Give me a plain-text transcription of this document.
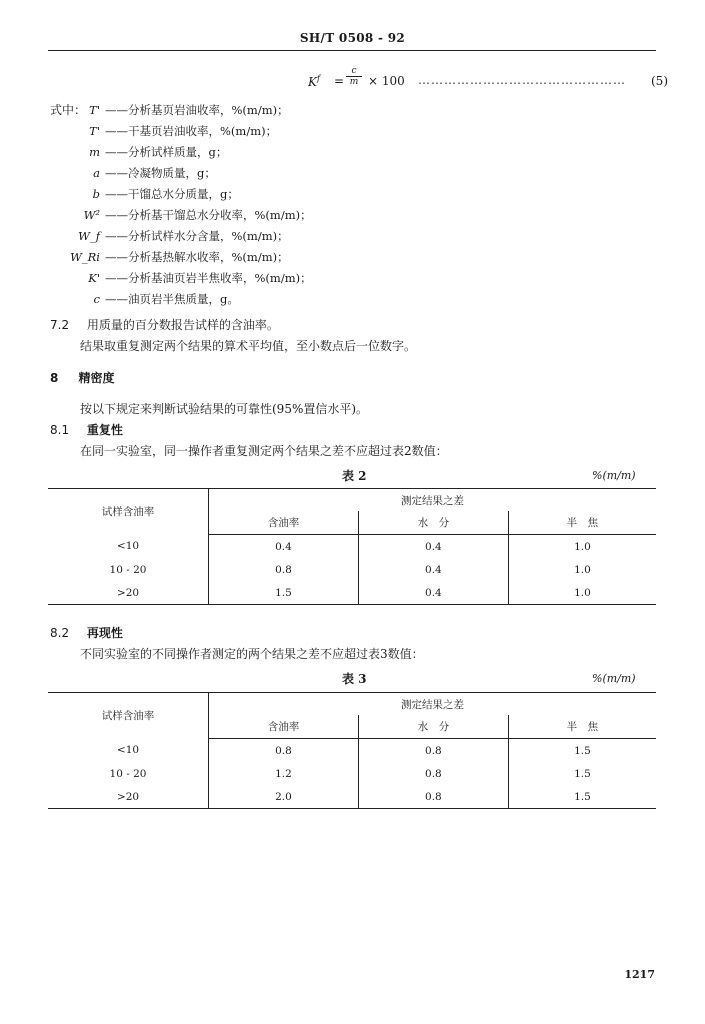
SH/T 0508 - 92
$K^f = \frac{c}{m} \times 100$ ………………………………………… (5)
式中： T' ——分析基页岩油收率，%(m/m)；
T' ——干基页岩油收率，%(m/m)；
m ——分析试样质量，g；
a ——冷凝物质量，g；
b ——干馏总水分质量，g；
W² ——分析基干馏总水分收率，%(m/m)；
W_f ——分析试样水分含量，%(m/m)；
W_Ri ——分析基热解水收率，%(m/m)；
K' ——分析基油页岩半焦收率，%(m/m)；
c ——油页岩半焦质量，g。
7.2 用质量的百分数报告试样的含油率。
结果取重复测定两个结果的算术平均值，至小数点后一位数字。
8 精密度
按以下规定来判断试验结果的可靠性(95%置信水平)。
8.1 重复性
在同一实验室，同一操作者重复测定两个结果之差不应超过表2数值：
表 2	%(m/m)
试样含油率	测定结果之差		
	含油率	水　分	半　焦
<10	0.4	0.4	1.0
10 - 20	0.8	0.4	1.0
>20	1.5	0.4	1.0
8.2 再现性
不同实验室的不同操作者测定的两个结果之差不应超过表3数值：
表 3	%(m/m)
试样含油率	测定结果之差		
	含油率	水　分	半　焦
<10	0.8	0.8	1.5
10 - 20	1.2	0.8	1.5
>20	2.0	0.8	1.5
1217
